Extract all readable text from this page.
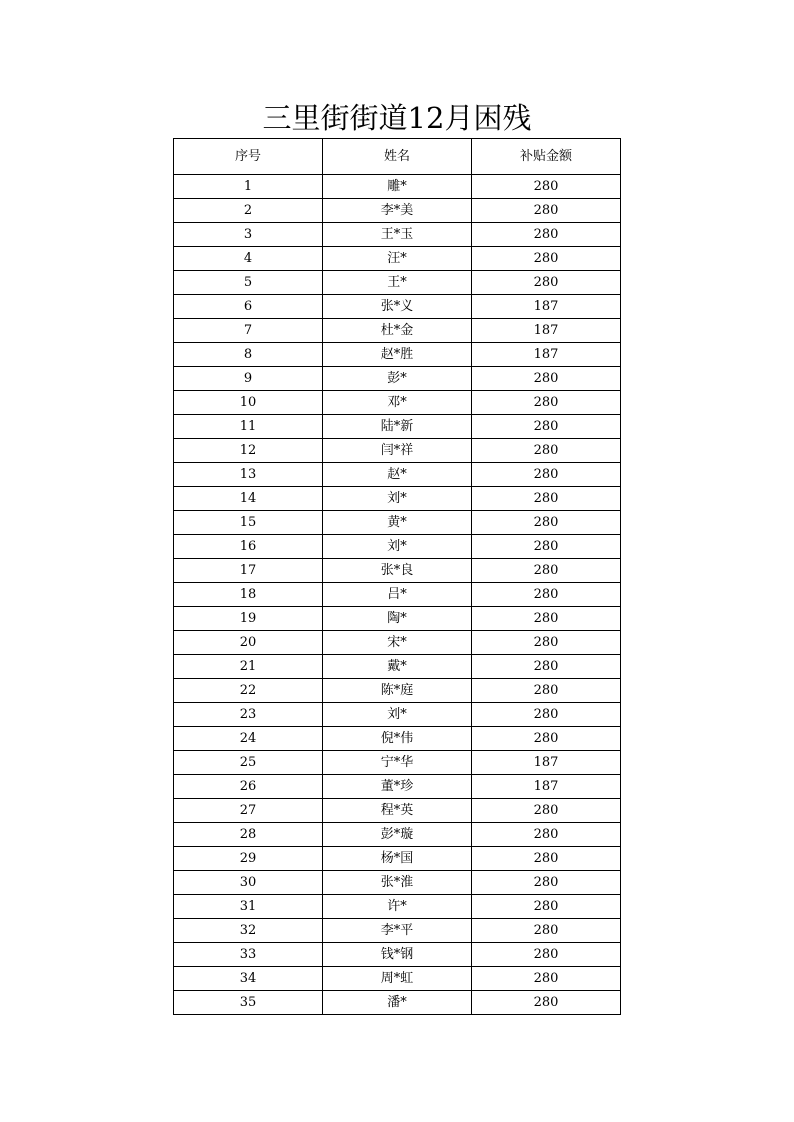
三里街街道12月困残
序号	姓名	补贴金额
1	雕*	280
2	李*美	280
3	王*玉	280
4	汪*	280
5	王*	280
6	张*义	187
7	杜*金	187
8	赵*胜	187
9	彭*	280
10	邓*	280
11	陆*新	280
12	闫*祥	280
13	赵*	280
14	刘*	280
15	黄*	280
16	刘*	280
17	张*良	280
18	吕*	280
19	陶*	280
20	宋*	280
21	戴*	280
22	陈*庭	280
23	刘*	280
24	倪*伟	280
25	宁*华	187
26	董*珍	187
27	程*英	280
28	彭*璇	280
29	杨*国	280
30	张*淮	280
31	许*	280
32	李*平	280
33	钱*钢	280
34	周*虹	280
35	潘*	280
